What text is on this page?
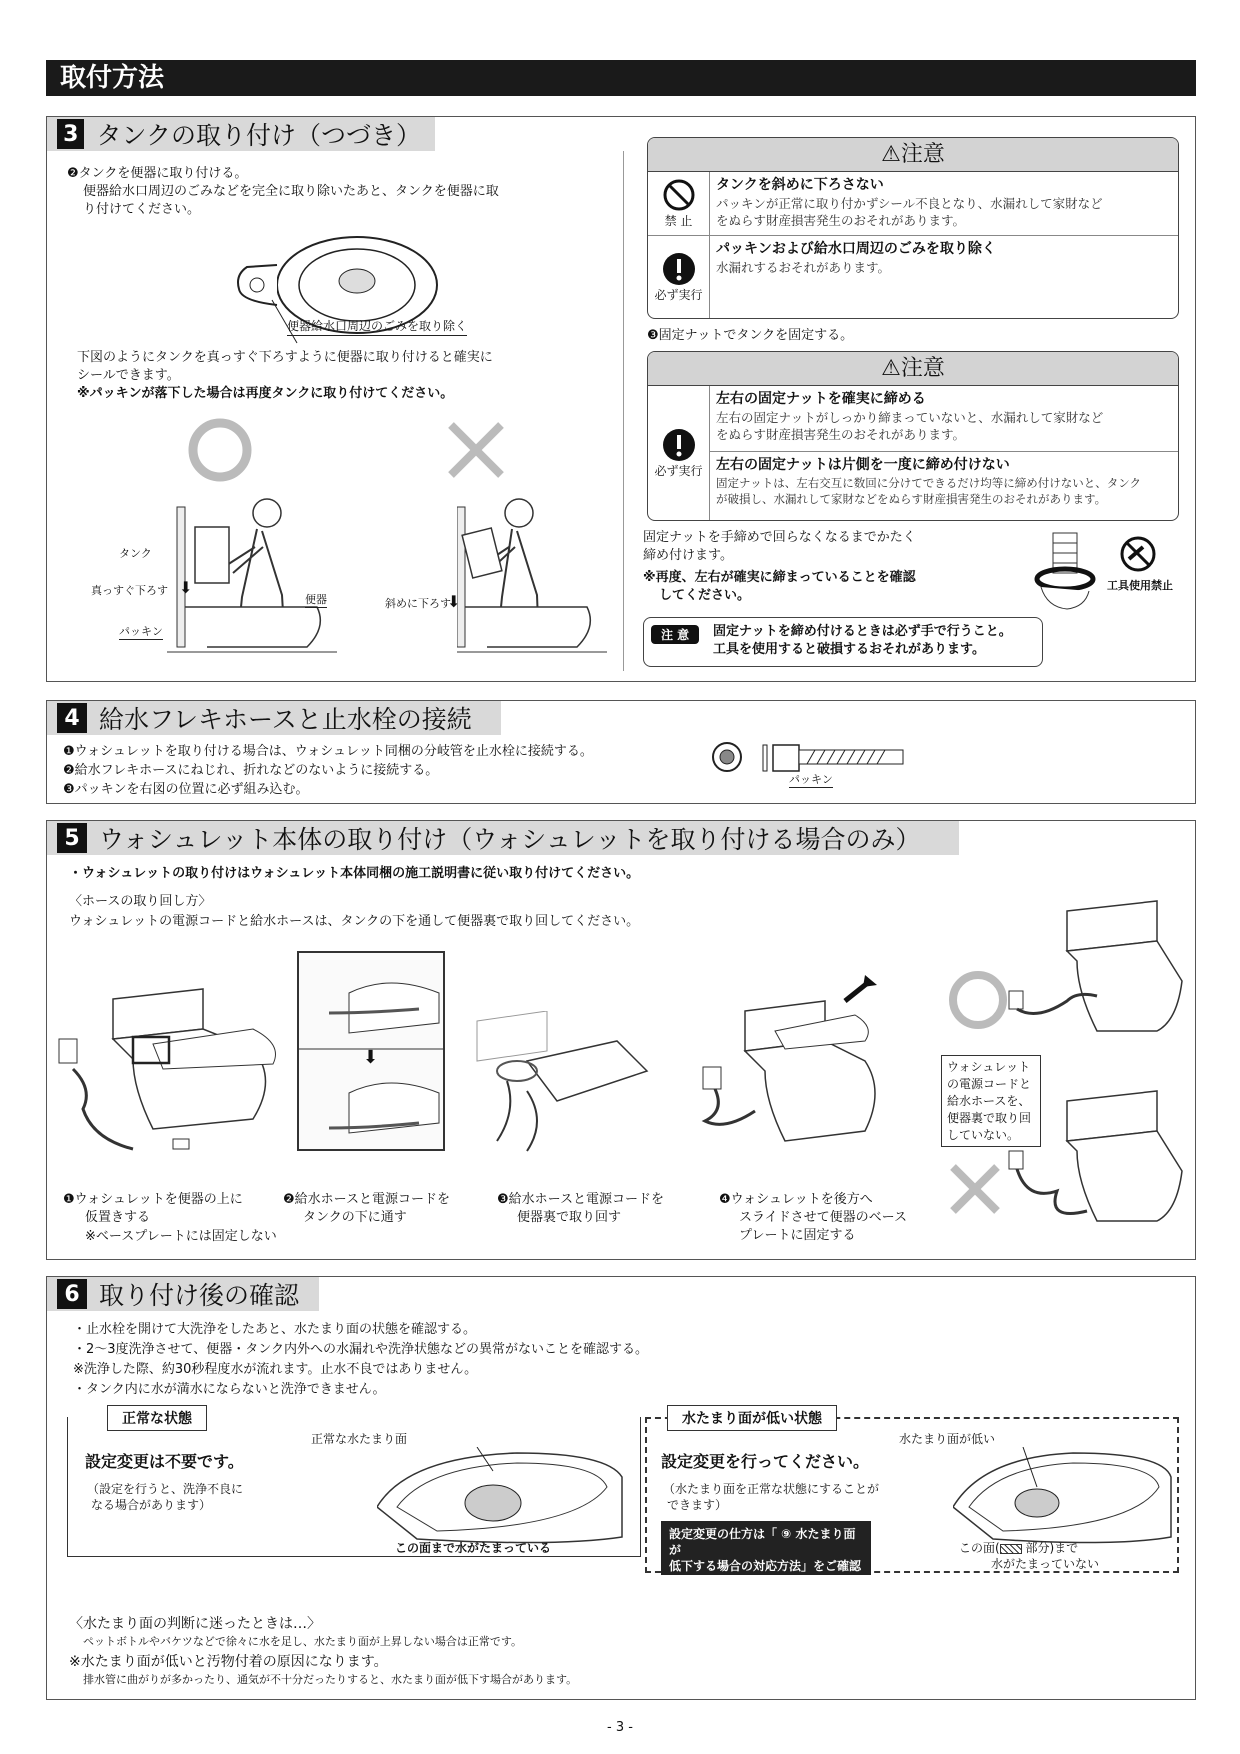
取付方法
3 タンクの取り付け（つづき）
❷タンクを便器に取り付ける。
便器給水口周辺のごみなどを完全に取り除いたあと、タンクを便器に取
り付けてください。
便器給水口周辺のごみを取り除く
下図のようにタンクを真っすぐ下ろすように便器に取り付けると確実に
シールできます。
※パッキンが落下した場合は再度タンクに取り付けてください。
タンク
真っすぐ下ろす ⬇
パッキン
便器	斜めに下ろす
⬇
⚠注意
禁 止
タンクを斜めに下ろさない
パッキンが正常に取り付かずシール不良となり、水漏れして家財など
をぬらす財産損害発生のおそれがあります。
必ず実行
パッキンおよび給水口周辺のごみを取り除く
水漏れするおそれがあります。
❸固定ナットでタンクを固定する。
⚠注意
必ず実行
左右の固定ナットを確実に締める
左右の固定ナットがしっかり締まっていないと、水漏れして家財など
をぬらす財産損害発生のおそれがあります。
左右の固定ナットは片側を一度に締め付けない
固定ナットは、左右交互に数回に分けてできるだけ均等に締め付けないと、タンク
が破損し、水漏れして家財などをぬらす財産損害発生のおそれがあります。
固定ナットを手締めで回らなくなるまでかたく
締め付けます。
※再度、左右が確実に締まっていることを確認
してください。
工具使用禁止
注 意	固定ナットを締め付けるときは必ず手で行うこと。
工具を使用すると破損するおそれがあります。
4 給水フレキホースと止水栓の接続
❶ウォシュレットを取り付ける場合は、ウォシュレット同梱の分岐管を止水栓に接続する。
❷給水フレキホースにねじれ、折れなどのないように接続する。
❸パッキンを右図の位置に必ず組み込む。
パッキン
5 ウォシュレット本体の取り付け（ウォシュレットを取り付ける場合のみ）
・ウォシュレットの取り付けはウォシュレット本体同梱の施工説明書に従い取り付けてください。
〈ホースの取り回し方〉
ウォシュレットの電源コードと給水ホースは、タンクの下を通して便器裏で取り回してください。
⬇	ウォシュレット
の電源コードと
給水ホースを、
便器裏で取り回
していない。
❶ウォシュレットを便器の上に
仮置きする
※ベースプレートには固定しない
❷給水ホースと電源コードを
タンクの下に通す
❸給水ホースと電源コードを
便器裏で取り回す
❹ウォシュレットを後方へ
スライドさせて便器のベース
プレートに固定する
6 取り付け後の確認
・止水栓を開けて大洗浄をしたあと、水たまり面の状態を確認する。
・2〜3度洗浄させて、便器・タンク内外への水漏れや洗浄状態などの異常がないことを確認する。
※洗浄した際、約30秒程度水が流れます。止水不良ではありません。
・タンク内に水が満水にならないと洗浄できません。
正常な状態
設定変更は不要です。
（設定を行うと、洗浄不良に
なる場合があります）
正常な水たまり面
この面まで水がたまっている
水たまり面が低い状態
設定変更を行ってください。
（水たまり面を正常な状態にすることが
できます）
設定変更の仕方は「 ⑨ 水たまり面が
低下する場合の対応方法」をご確認く
ださい。
水たまり面が低い
この面( 部分)まで
水がたまっていない
〈水たまり面の判断に迷ったときは…〉
ペットボトルやバケツなどで徐々に水を足し、水たまり面が上昇しない場合は正常です。
※水たまり面が低いと汚物付着の原因になります。
排水管に曲がりが多かったり、通気が不十分だったりすると、水たまり面が低下す場合があります。
- 3 -
